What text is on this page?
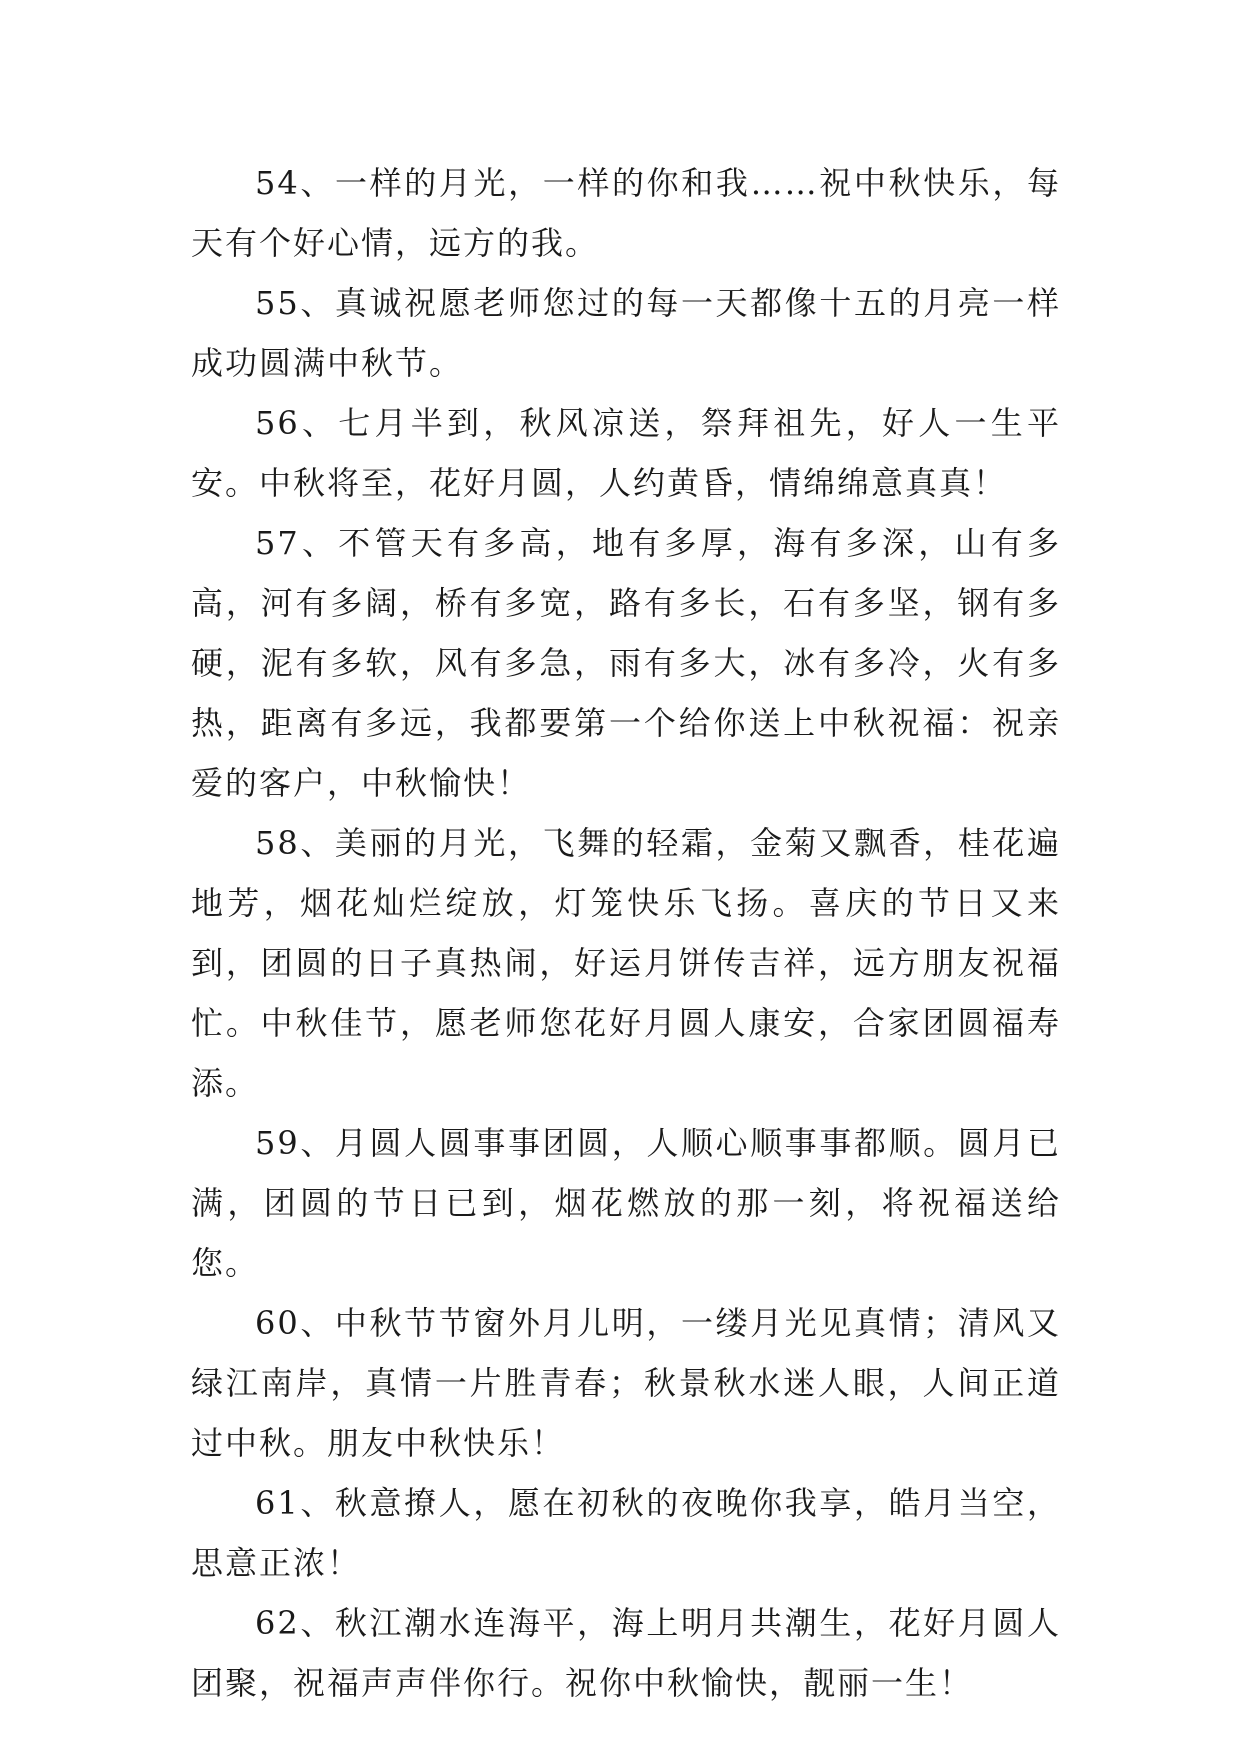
54、一样的月光，一样的你和我……祝中秋快乐，每天有个好心情，远方的我。

55、真诚祝愿老师您过的每一天都像十五的月亮一样成功圆满中秋节。

56、七月半到，秋风凉送，祭拜祖先，好人一生平安。中秋将至，花好月圆，人约黄昏，情绵绵意真真！

57、不管天有多高，地有多厚，海有多深，山有多高，河有多阔，桥有多宽，路有多长，石有多坚，钢有多硬，泥有多软，风有多急，雨有多大，冰有多冷，火有多热，距离有多远，我都要第一个给你送上中秋祝福：祝亲爱的客户，中秋愉快！

58、美丽的月光，飞舞的轻霜，金菊又飘香，桂花遍地芳，烟花灿烂绽放，灯笼快乐飞扬。喜庆的节日又来到，团圆的日子真热闹，好运月饼传吉祥，远方朋友祝福忙。中秋佳节，愿老师您花好月圆人康安，合家团圆福寿添。

59、月圆人圆事事团圆，人顺心顺事事都顺。圆月已满，团圆的节日已到，烟花燃放的那一刻，将祝福送给您。

60、中秋节节窗外月儿明，一缕月光见真情；清风又绿江南岸，真情一片胜青春；秋景秋水迷人眼，人间正道过中秋。朋友中秋快乐！

61、秋意撩人，愿在初秋的夜晚你我享，皓月当空，思意正浓！

62、秋江潮水连海平，海上明月共潮生，花好月圆人团聚，祝福声声伴你行。祝你中秋愉快，靓丽一生！
